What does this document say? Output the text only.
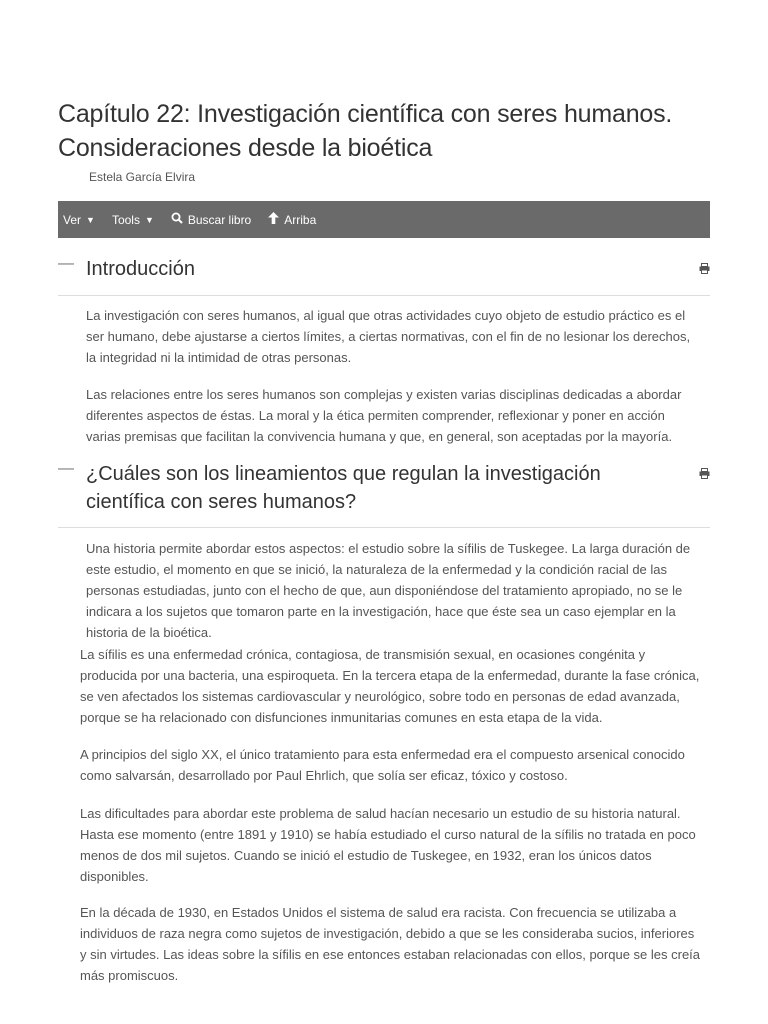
Capítulo 22: Investigación científica con seres humanos. Consideraciones desde la bioética
Estela García Elvira
Ver ▼ Tools ▼	Buscar libro	Arriba
— Introducción

La investigación con seres humanos, al igual que otras actividades cuyo objeto de estudio práctico es el ser humano, debe ajustarse a ciertos límites, a ciertas normativas, con el fin de no lesionar los derechos, la integridad ni la intimidad de otras personas.

Las relaciones entre los seres humanos son complejas y existen varias disciplinas dedicadas a abordar diferentes aspectos de éstas. La moral y la ética permiten comprender, reflexionar y poner en acción varias premisas que facilitan la convivencia humana y que, en general, son aceptadas por la mayoría.

— ¿Cuáles son los lineamientos que regulan la investigación científica con seres humanos?

Una historia permite abordar estos aspectos: el estudio sobre la sífilis de Tuskegee. La larga duración de este estudio, el momento en que se inició, la naturaleza de la enfermedad y la condición racial de las personas estudiadas, junto con el hecho de que, aun disponiéndose del tratamiento apropiado, no se le indicara a los sujetos que tomaron parte en la investigación, hace que éste sea un caso ejemplar en la historia de la bioética.

La sífilis es una enfermedad crónica, contagiosa, de transmisión sexual, en ocasiones congénita y producida por una bacteria, una espiroqueta. En la tercera etapa de la enfermedad, durante la fase crónica, se ven afectados los sistemas cardiovascular y neurológico, sobre todo en personas de edad avanzada, porque se ha relacionado con disfunciones inmunitarias comunes en esta etapa de la vida.

A principios del siglo XX, el único tratamiento para esta enfermedad era el compuesto arsenical conocido como salvarsán, desarrollado por Paul Ehrlich, que solía ser eficaz, tóxico y costoso.

Las dificultades para abordar este problema de salud hacían necesario un estudio de su historia natural. Hasta ese momento (entre 1891 y 1910) se había estudiado el curso natural de la sífilis no tratada en poco menos de dos mil sujetos. Cuando se inició el estudio de Tuskegee, en 1932, eran los únicos datos disponibles.

En la década de 1930, en Estados Unidos el sistema de salud era racista. Con frecuencia se utilizaba a individuos de raza negra como sujetos de investigación, debido a que se les consideraba sucios, inferiores y sin virtudes. Las ideas sobre la sífilis en ese entonces estaban relacionadas con ellos, porque se les creía más promiscuos.
